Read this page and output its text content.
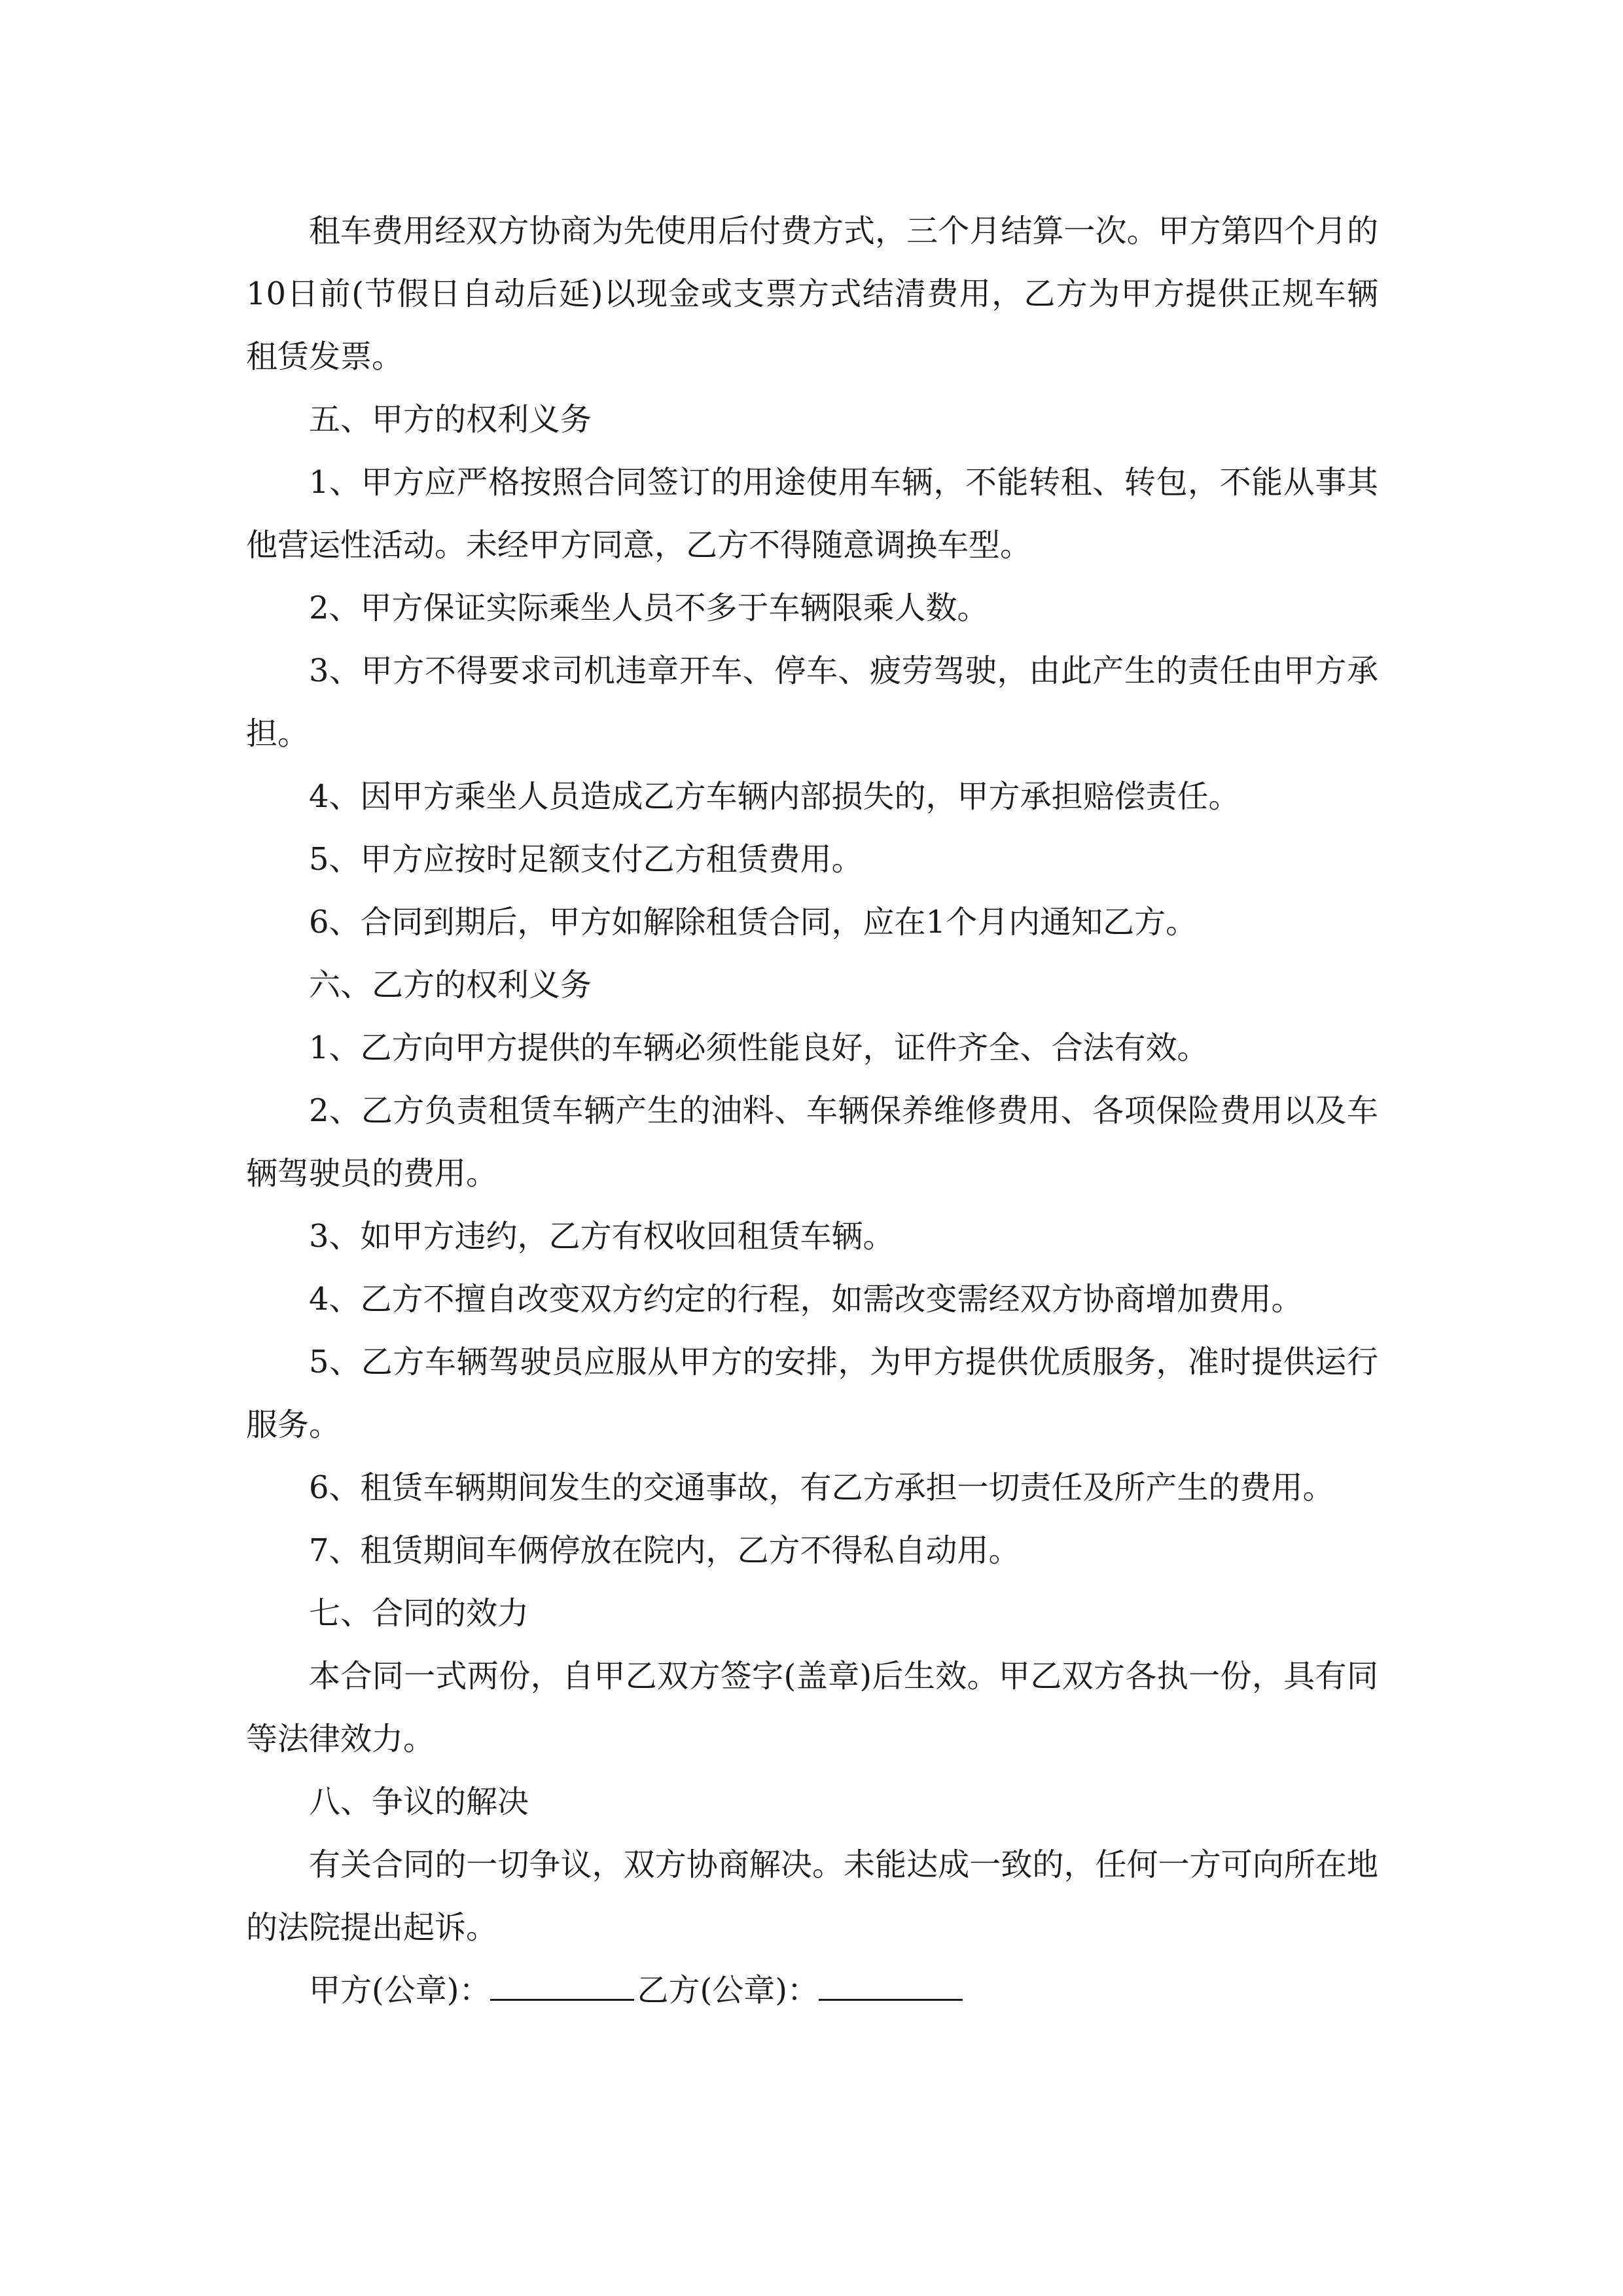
租车费用经双方协商为先使用后付费方式，三个月结算一次。甲方第四个月的10日前(节假日自动后延)以现金或支票方式结清费用，乙方为甲方提供正规车辆租赁发票。

五、甲方的权利义务

1、甲方应严格按照合同签订的用途使用车辆，不能转租、转包，不能从事其他营运性活动。未经甲方同意，乙方不得随意调换车型。

2、甲方保证实际乘坐人员不多于车辆限乘人数。

3、甲方不得要求司机违章开车、停车、疲劳驾驶，由此产生的责任由甲方承担。

4、因甲方乘坐人员造成乙方车辆内部损失的，甲方承担赔偿责任。

5、甲方应按时足额支付乙方租赁费用。

6、合同到期后，甲方如解除租赁合同，应在1个月内通知乙方。

六、乙方的权利义务

1、乙方向甲方提供的车辆必须性能良好，证件齐全、合法有效。

2、乙方负责租赁车辆产生的油料、车辆保养维修费用、各项保险费用以及车辆驾驶员的费用。

3、如甲方违约，乙方有权收回租赁车辆。

4、乙方不擅自改变双方约定的行程，如需改变需经双方协商增加费用。

5、乙方车辆驾驶员应服从甲方的安排，为甲方提供优质服务，准时提供运行服务。

6、租赁车辆期间发生的交通事故，有乙方承担一切责任及所产生的费用。

7、租赁期间车俩停放在院内，乙方不得私自动用。

七、合同的效力

本合同一式两份，自甲乙双方签字(盖章)后生效。甲乙双方各执一份，具有同等法律效力。

八、争议的解决

有关合同的一切争议，双方协商解决。未能达成一致的，任何一方可向所在地的法院提出起诉。

甲方(公章)：	乙方(公章)：
